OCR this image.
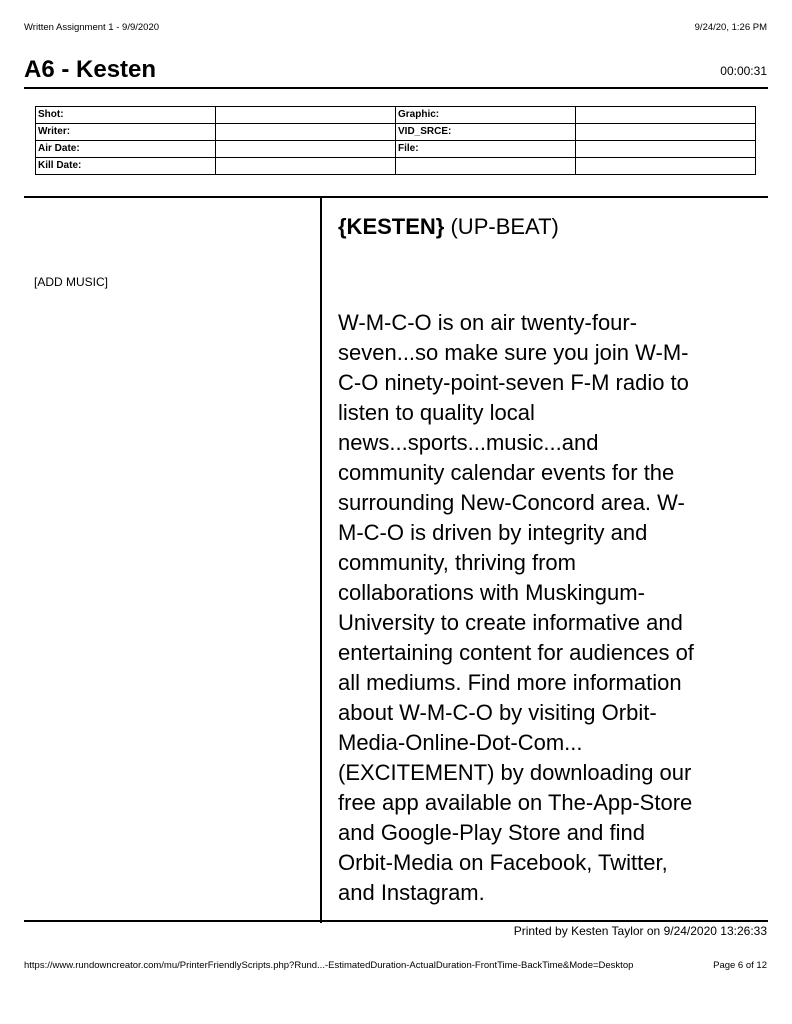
Written Assignment 1 - 9/9/2020	9/24/20, 1:26 PM
A6 - Kesten	00:00:31
Shot:		Graphic:	
Writer:		VID_SRCE:	
Air Date:		File:	
Kill Date:			
[ADD MUSIC]
{KESTEN} (UP-BEAT)
W-M-C-O is on air twenty-four-
seven...so make sure you join W-M-
C-O ninety-point-seven F-M radio to
listen to quality local
news...sports...music...and
community calendar events for the
surrounding New-Concord area. W-
M-C-O is driven by integrity and
community, thriving from
collaborations with Muskingum-
University to create informative and
entertaining content for audiences of
all mediums. Find more information
about W-M-C-O by visiting Orbit-
Media-Online-Dot-Com...
(EXCITEMENT) by downloading our
free app available on The-App-Store
and Google-Play Store and find
Orbit-Media on Facebook, Twitter,
and Instagram.
Printed by Kesten Taylor on 9/24/2020 13:26:33
https://www.rundowncreator.com/mu/PrinterFriendlyScripts.php?Rund...-EstimatedDuration-ActualDuration-FrontTime-BackTime&Mode=Desktop	Page 6 of 12
